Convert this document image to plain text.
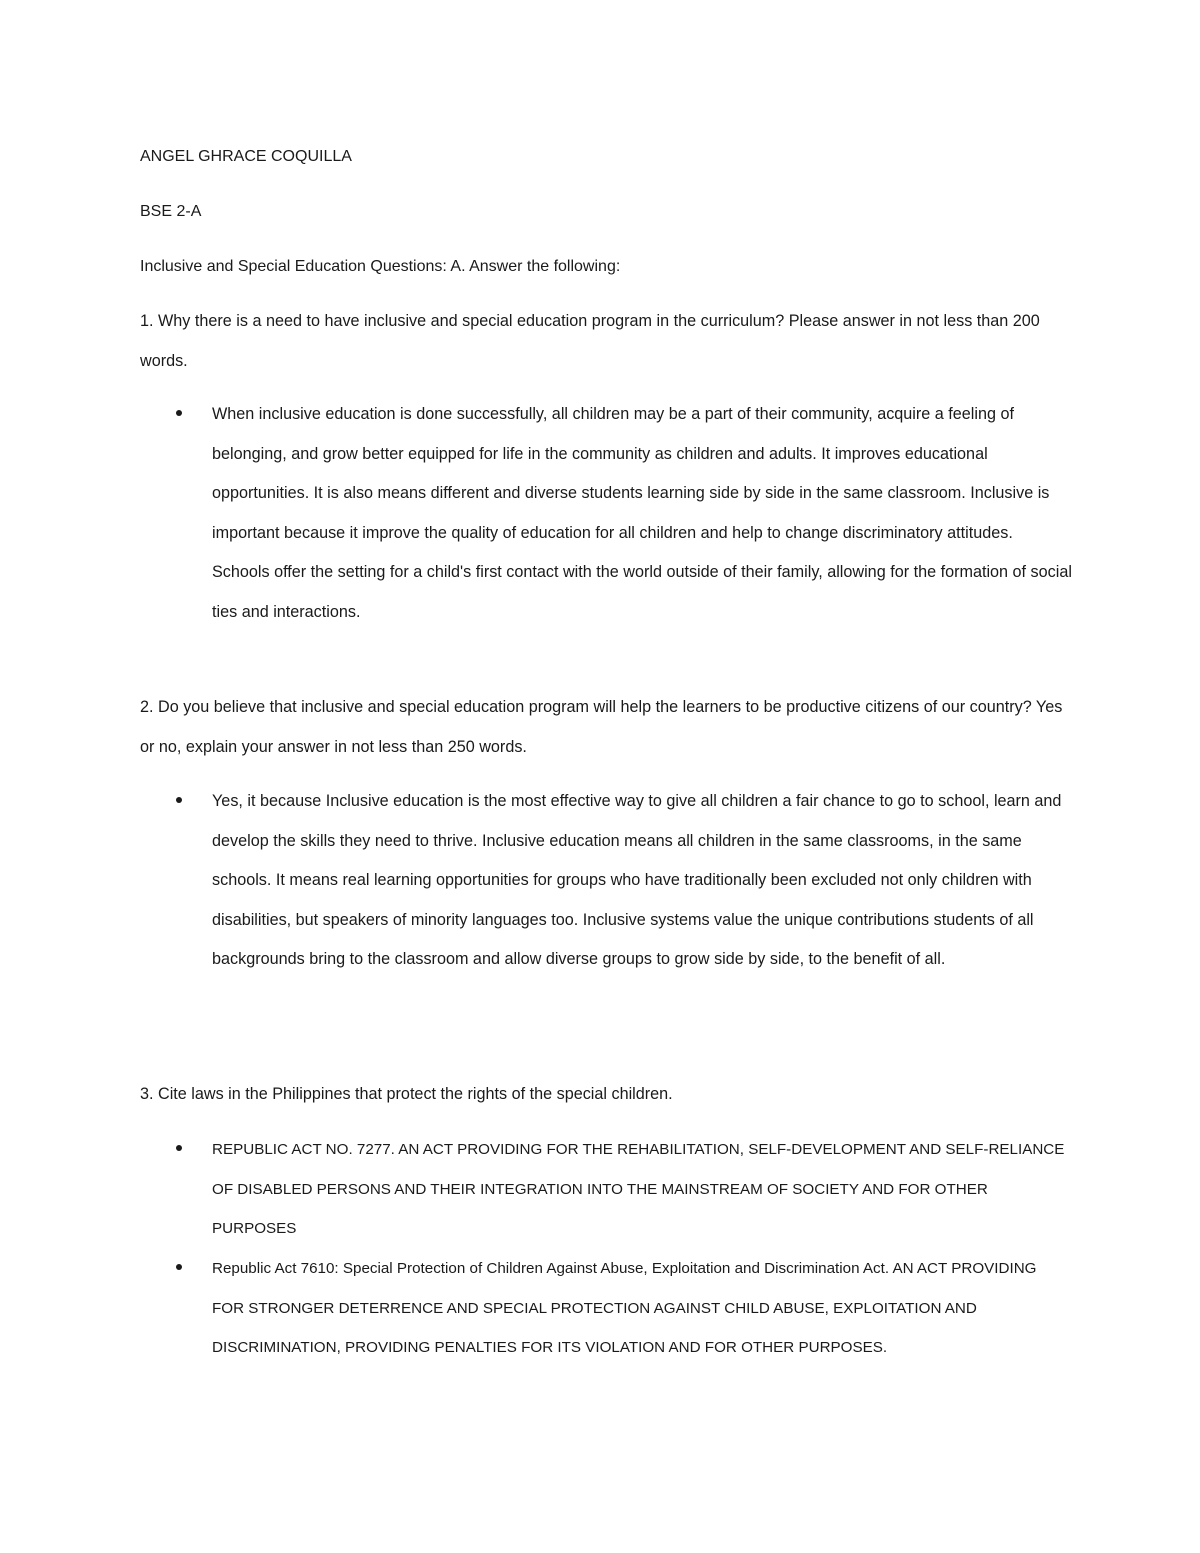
ANGEL GHRACE COQUILLA
BSE 2-A
Inclusive and Special Education Questions: A. Answer the following:
1. Why there is a need to have inclusive and special education program in the curriculum? Please answer in not less than 200 words.
When inclusive education is done successfully, all children may be a part of their community, acquire a feeling of belonging, and grow better equipped for life in the community as children and adults. It improves educational opportunities. It is also means different and diverse students learning side by side in the same classroom. Inclusive is important because it improve the quality of education for all children and help to change discriminatory attitudes. Schools offer the setting for a child's first contact with the world outside of their family, allowing for the formation of social ties and interactions.
2. Do you believe that inclusive and special education program will help the learners to be productive citizens of our country? Yes or no, explain your answer in not less than 250 words.
Yes, it because Inclusive education is the most effective way to give all children a fair chance to go to school, learn and develop the skills they need to thrive. Inclusive education means all children in the same classrooms, in the same schools. It means real learning opportunities for groups who have traditionally been excluded not only children with disabilities, but speakers of minority languages too. Inclusive systems value the unique contributions students of all backgrounds bring to the classroom and allow diverse groups to grow side by side, to the benefit of all.
3. Cite laws in the Philippines that protect the rights of the special children.
REPUBLIC ACT NO. 7277. AN ACT PROVIDING FOR THE REHABILITATION, SELF-DEVELOPMENT AND SELF-RELIANCE OF DISABLED PERSONS AND THEIR INTEGRATION INTO THE MAINSTREAM OF SOCIETY AND FOR OTHER PURPOSES
Republic Act 7610: Special Protection of Children Against Abuse, Exploitation and Discrimination Act. AN ACT PROVIDING FOR STRONGER DETERRENCE AND SPECIAL PROTECTION AGAINST CHILD ABUSE, EXPLOITATION AND DISCRIMINATION, PROVIDING PENALTIES FOR ITS VIOLATION AND FOR OTHER PURPOSES.
